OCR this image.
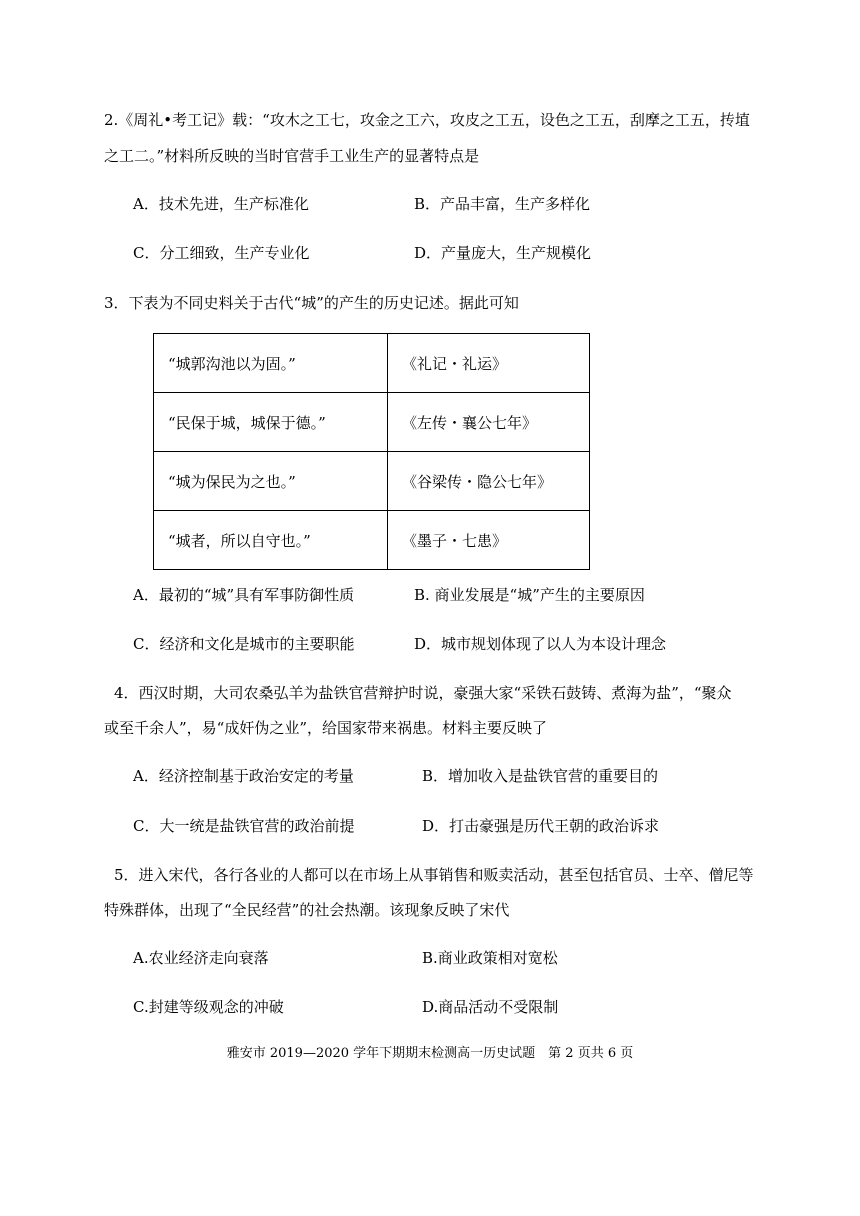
2.《周礼•考工记》载：“攻木之工七，攻金之工六，攻皮之工五，设色之工五，刮摩之工五，抟埴
之工二。”材料所反映的当时官营手工业生产的显著特点是
A．技术先进，生产标准化	B．产品丰富，生产多样化
C．分工细致，生产专业化	D．产量庞大，生产规模化
3．下表为不同史料关于古代“城”的产生的历史记述。据此可知
“城郭沟池以为固。”	《礼记・礼运》
“民保于城，城保于德。”	《左传・襄公七年》
“城为保民为之也。”	《谷梁传・隐公七年》
“城者，所以自守也。”	《墨子・七患》
A．最初的“城”具有军事防御性质	B. 商业发展是“城”产生的主要原因
C．经济和文化是城市的主要职能	D．城市规划体现了以人为本设计理念
4．西汉时期，大司农桑弘羊为盐铁官营辩护时说，豪强大家“采铁石鼓铸、煮海为盐”，“聚众
或至千余人”，易“成奸伪之业”，给国家带来祸患。材料主要反映了
A．经济控制基于政治安定的考量	B．增加收入是盐铁官营的重要目的
C．大一统是盐铁官营的政治前提	D．打击豪强是历代王朝的政治诉求
5．进入宋代，各行各业的人都可以在市场上从事销售和贩卖活动，甚至包括官员、士卒、僧尼等
特殊群体，出现了“全民经营”的社会热潮。该现象反映了宋代
A.农业经济走向衰落	B.商业政策相对宽松
C.封建等级观念的冲破	D.商品活动不受限制
雅安市 2019—2020 学年下期期末检测高一历史试题　第 2 页共 6 页
